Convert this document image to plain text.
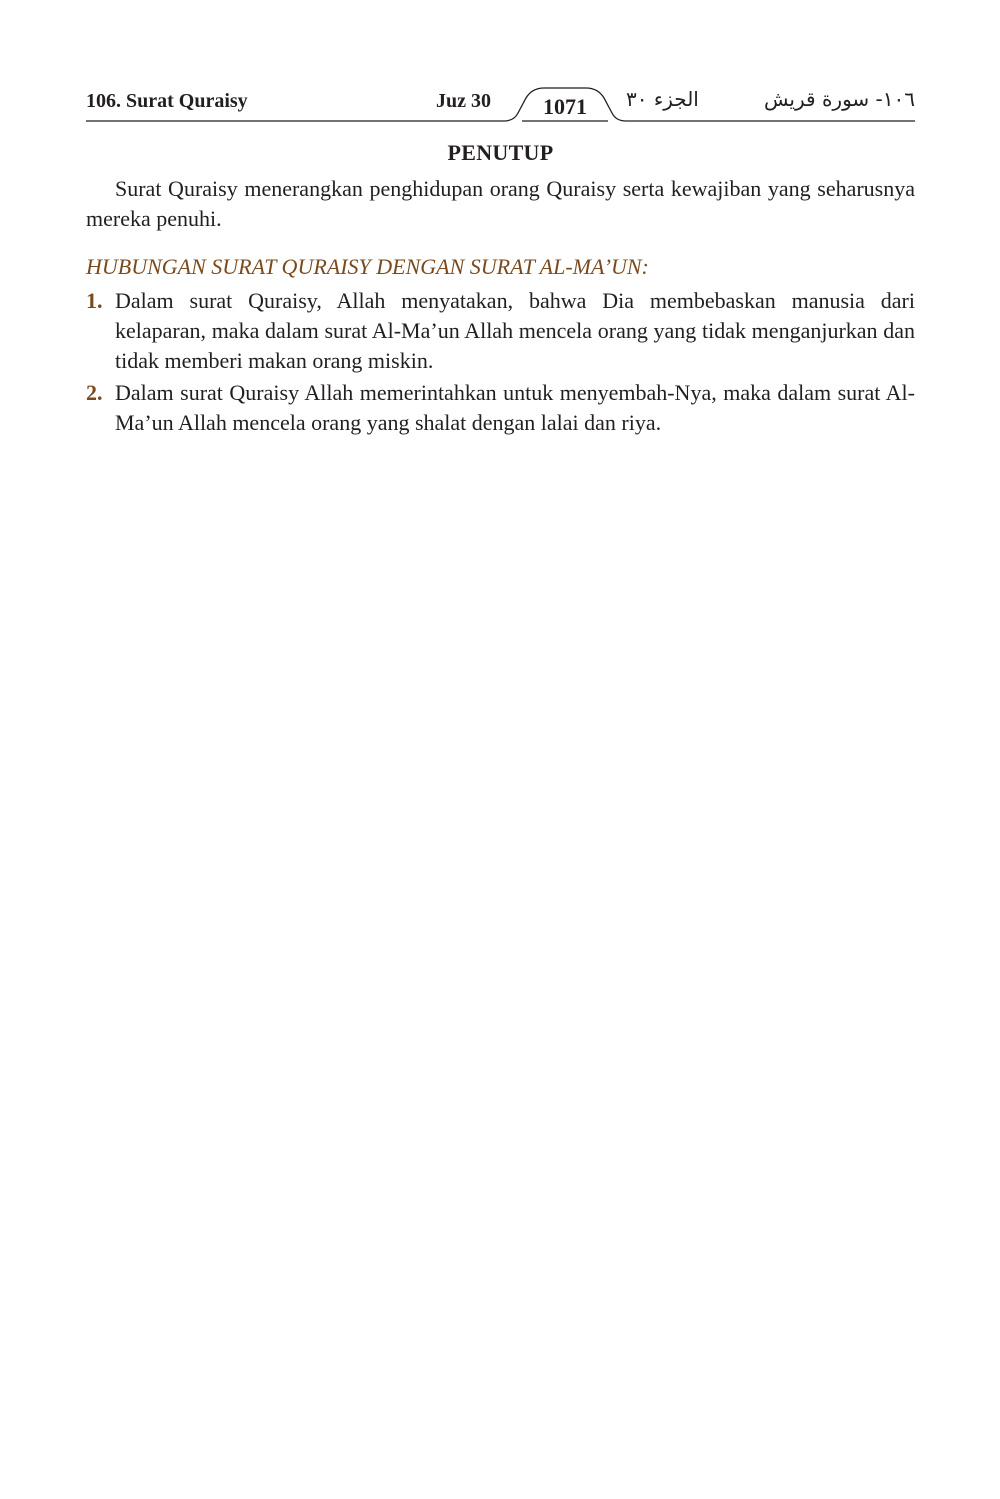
106. Surat Quraisy	Juz 30	1071	الجزء ٣٠	١٠٦- سورة قريش
PENUTUP
Surat Quraisy menerangkan penghidupan orang Quraisy serta kewajiban yang seharusnya mereka penuhi.
HUBUNGAN SURAT QURAISY DENGAN SURAT AL-MA’UN:
1. Dalam surat Quraisy, Allah menyatakan, bahwa Dia membebaskan manusia dari kelaparan, maka dalam surat Al-Ma’un Allah mencela orang yang tidak menganjurkan dan tidak memberi makan orang miskin.
2. Dalam surat Quraisy Allah memerintahkan untuk menyembah-Nya, maka dalam surat Al-Ma’un Allah mencela orang yang shalat dengan lalai dan riya.
